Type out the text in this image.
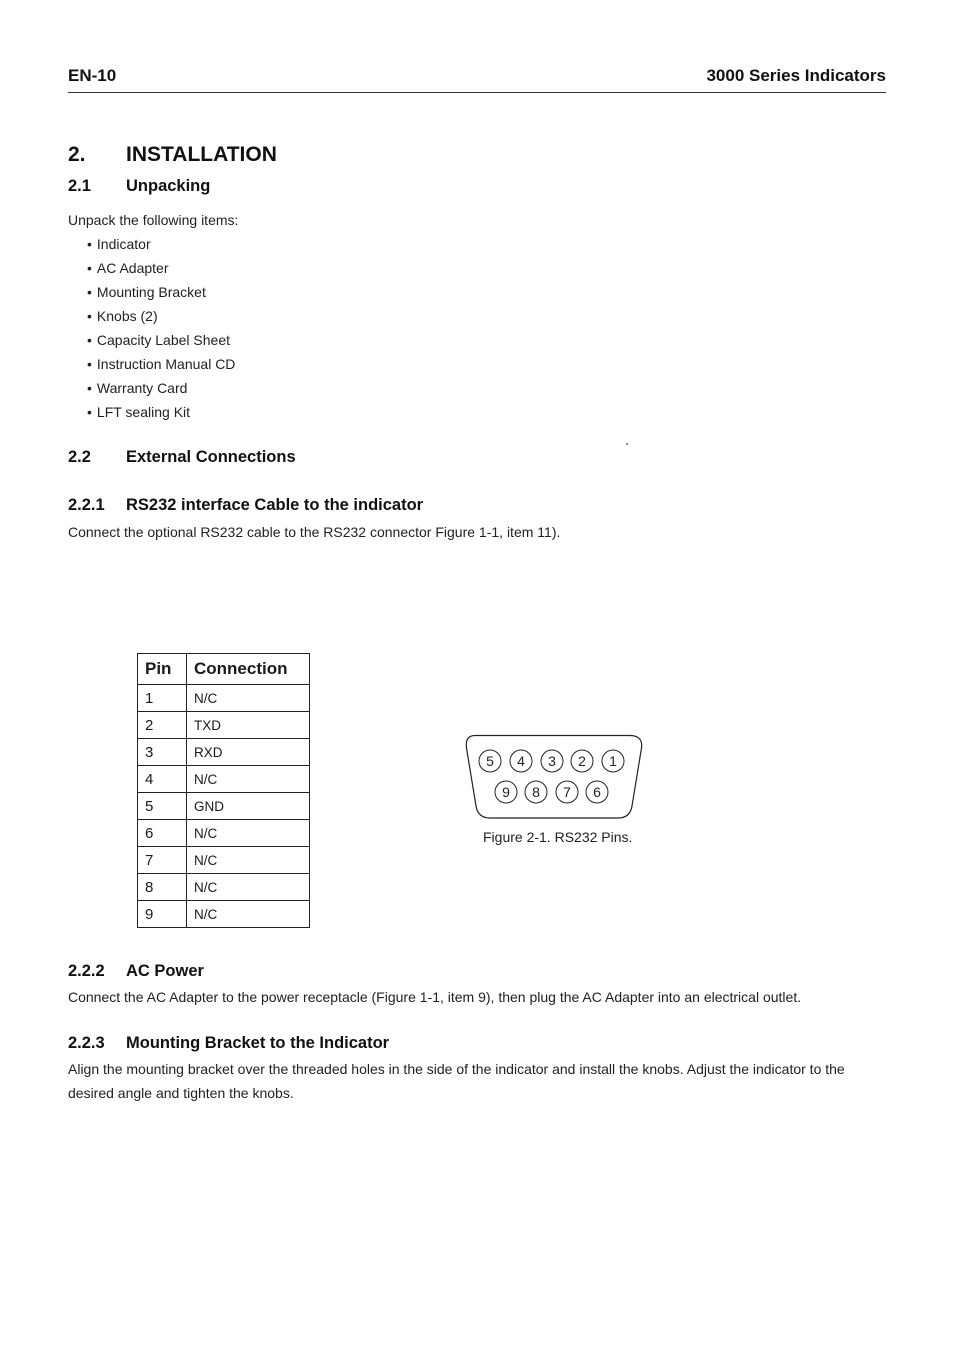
EN-10	3000 Series Indicators
2. INSTALLATION
2.1 Unpacking
Unpack the following items:
• Indicator
• AC Adapter
• Mounting Bracket
• Knobs (2)
• Capacity Label Sheet
• Instruction Manual CD
• Warranty Card
• LFT sealing Kit
2.2 External Connections
2.2.1 RS232 interface Cable to the indicator
Connect the optional RS232 cable to the RS232 connector Figure 1-1, item 11).
Pin	Connection
1	N/C
2	TXD
3	RXD
4	N/C
5	GND
6	N/C
7	N/C
8	N/C
9	N/C
5 4 3 2 1
9 8 7 6
Figure 2-1. RS232 Pins.
2.2.2 AC Power
Connect the AC Adapter to the power receptacle (Figure 1-1, item 9), then plug the AC Adapter into an electrical outlet.
2.2.3 Mounting Bracket to the Indicator
Align the mounting bracket over the threaded holes in the side of the indicator and install the knobs. Adjust the indicator to the
desired angle and tighten the knobs.
